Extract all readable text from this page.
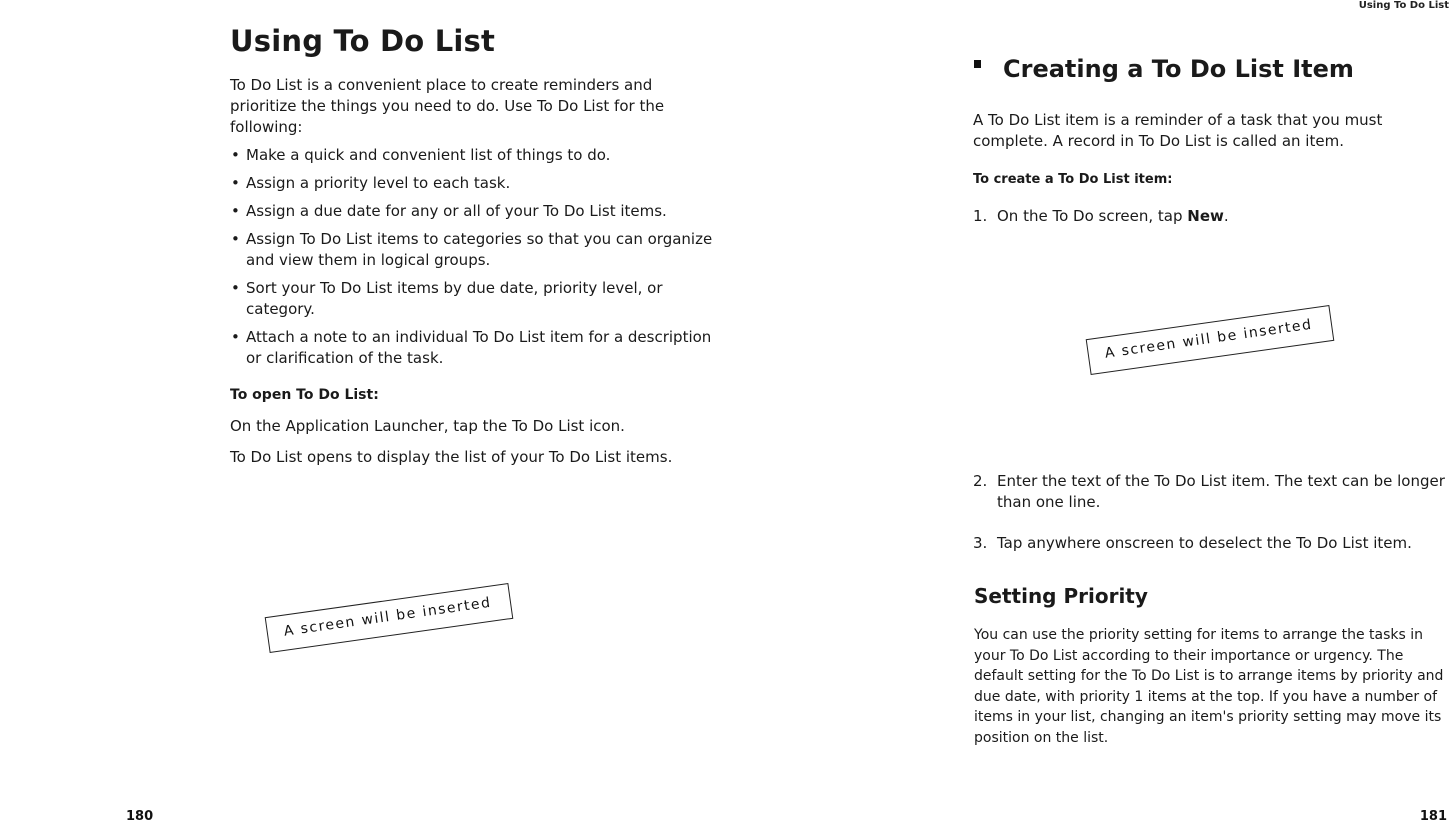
Using To Do List

To Do List is a convenient place to create reminders and prioritize the things you need to do. Use To Do List for the following:

• Make a quick and convenient list of things to do.
• Assign a priority level to each task.
• Assign a due date for any or all of your To Do List items.
• Assign To Do List items to categories so that you can organize and view them in logical groups.
• Sort your To Do List items by due date, priority level, or category.
• Attach a note to an individual To Do List item for a description or clarification of the task.

To open To Do List:

On the Application Launcher, tap the To Do List icon.

To Do List opens to display the list of your To Do List items.

A screen will be inserted
180
Using To Do List
Creating a To Do List Item

A To Do List item is a reminder of a task that you must complete. A record in To Do List is called an item.

To create a To Do List item:

1. On the To Do screen, tap New.
A screen will be inserted
2. Enter the text of the To Do List item. The text can be longer than one line.
3. Tap anywhere onscreen to deselect the To Do List item.
Setting Priority

You can use the priority setting for items to arrange the tasks in your To Do List according to their importance or urgency. The default setting for the To Do List is to arrange items by priority and due date, with priority 1 items at the top. If you have a number of items in your list, changing an item's priority setting may move its position on the list.

181
